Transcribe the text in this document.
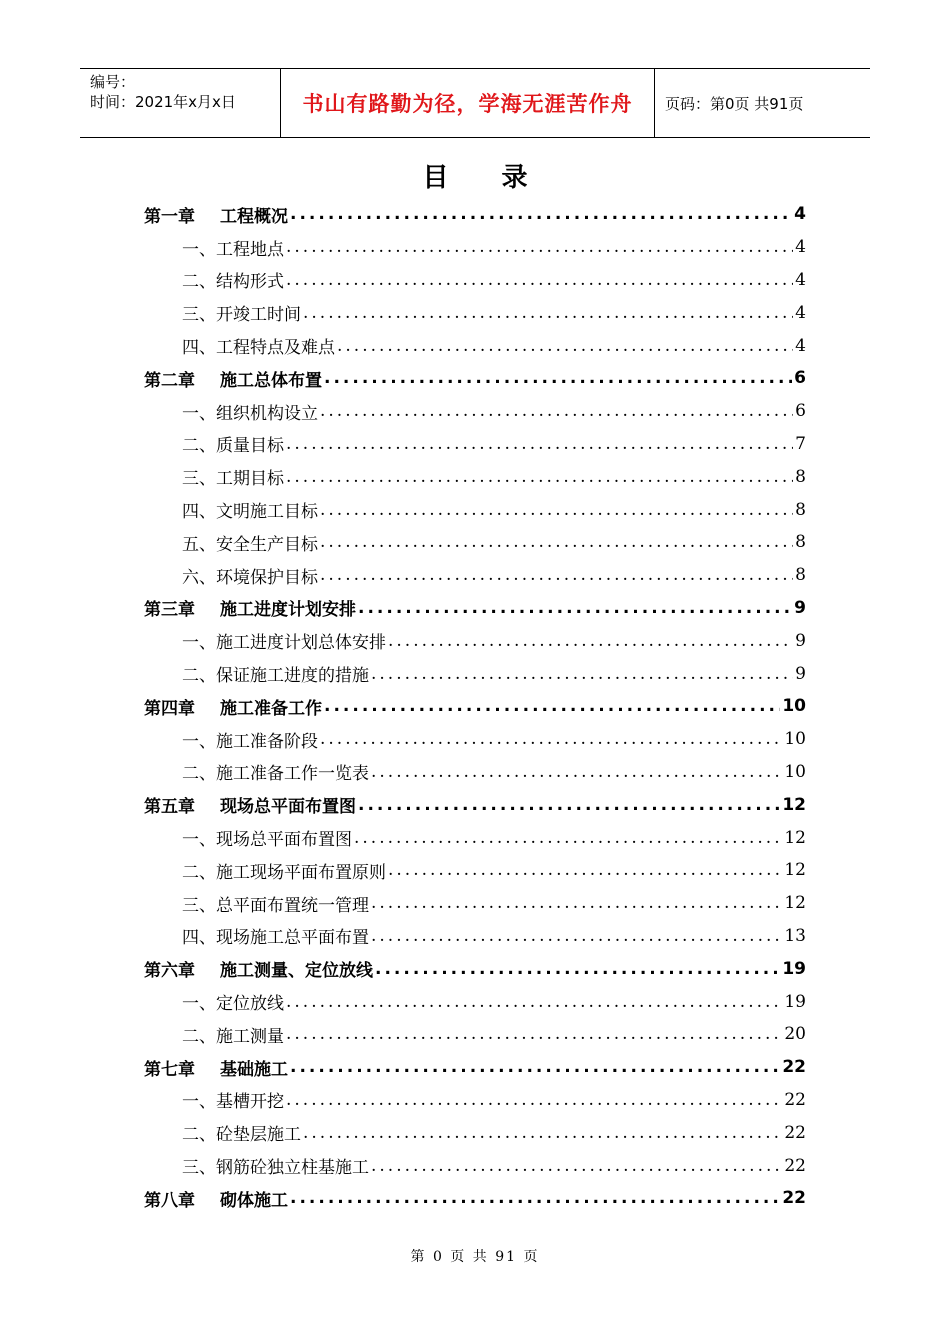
编号：
时间：2021年x月x日	书山有路勤为径，学海无涯苦作舟	页码：第0页 共91页
目 录
第一章	工程概况 .....	4
一、工程地点 .....	4
二、结构形式 .....	4
三、开竣工时间 .....	4
四、工程特点及难点 .....	4
第二章	施工总体布置 .....	6
一、组织机构设立 .....	6
二、质量目标 .....	7
三、工期目标 .....	8
四、文明施工目标 .....	8
五、安全生产目标 .....	8
六、环境保护目标 .....	8
第三章	施工进度计划安排 .....	9
一、施工进度计划总体安排 .....	9
二、保证施工进度的措施 .....	9
第四章	施工准备工作 .....	10
一、施工准备阶段 .....	10
二、施工准备工作一览表 .....	10
第五章	现场总平面布置图 .....	12
一、现场总平面布置图 .....	12
二、施工现场平面布置原则 .....	12
三、总平面布置统一管理 .....	12
四、现场施工总平面布置 .....	13
第六章	施工测量、定位放线 .....	19
一、定位放线 .....	19
二、施工测量 .....	20
第七章	基础施工 .....	22
一、基槽开挖 .....	22
二、砼垫层施工 .....	22
三、钢筋砼独立柱基施工 .....	22
第八章	砌体施工 .....	22
第 0 页 共 91 页
